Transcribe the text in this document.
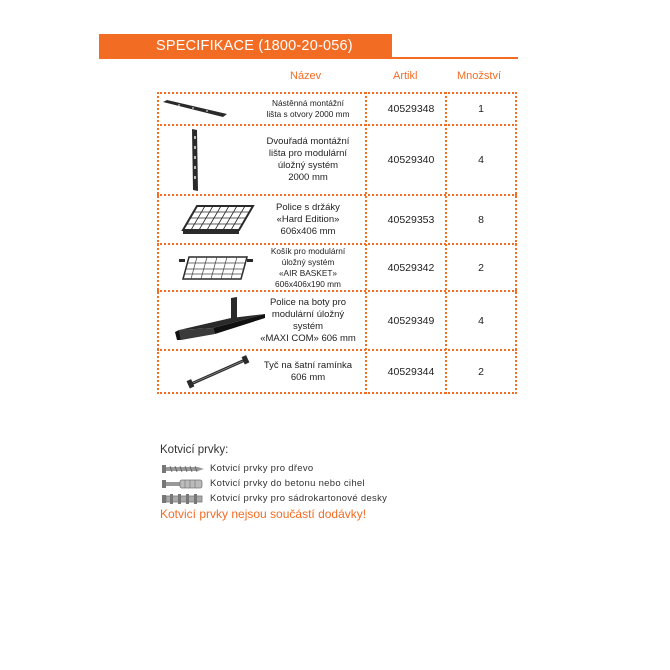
SPECIFIKACE (1800-20-056)
Název	Artikl	Množství
Nástěnná montážní
lišta s otvory 2000 mm	40529348	1
Dvouřadá montážní
lišta pro modulární
úložný systém
2000 mm
40529340	4
Police s držáky
«Hard Edition»
606x406 mm
40529353	8
Košík pro modulární
úložný systém
«AIR BASKET»
606x406x190 mm
40529342	2
Police na boty pro
modulární úložný
systém
«MAXI COM» 606 mm
40529349	4
Tyč na šatní ramínka
606 mm	40529344	2
Kotvicí prvky:
Kotvicí prvky pro dřevo
Kotvicí prvky do betonu nebo cihel
Kotvicí prvky pro sádrokartonové desky
Kotvicí prvky nejsou součástí dodávky!
